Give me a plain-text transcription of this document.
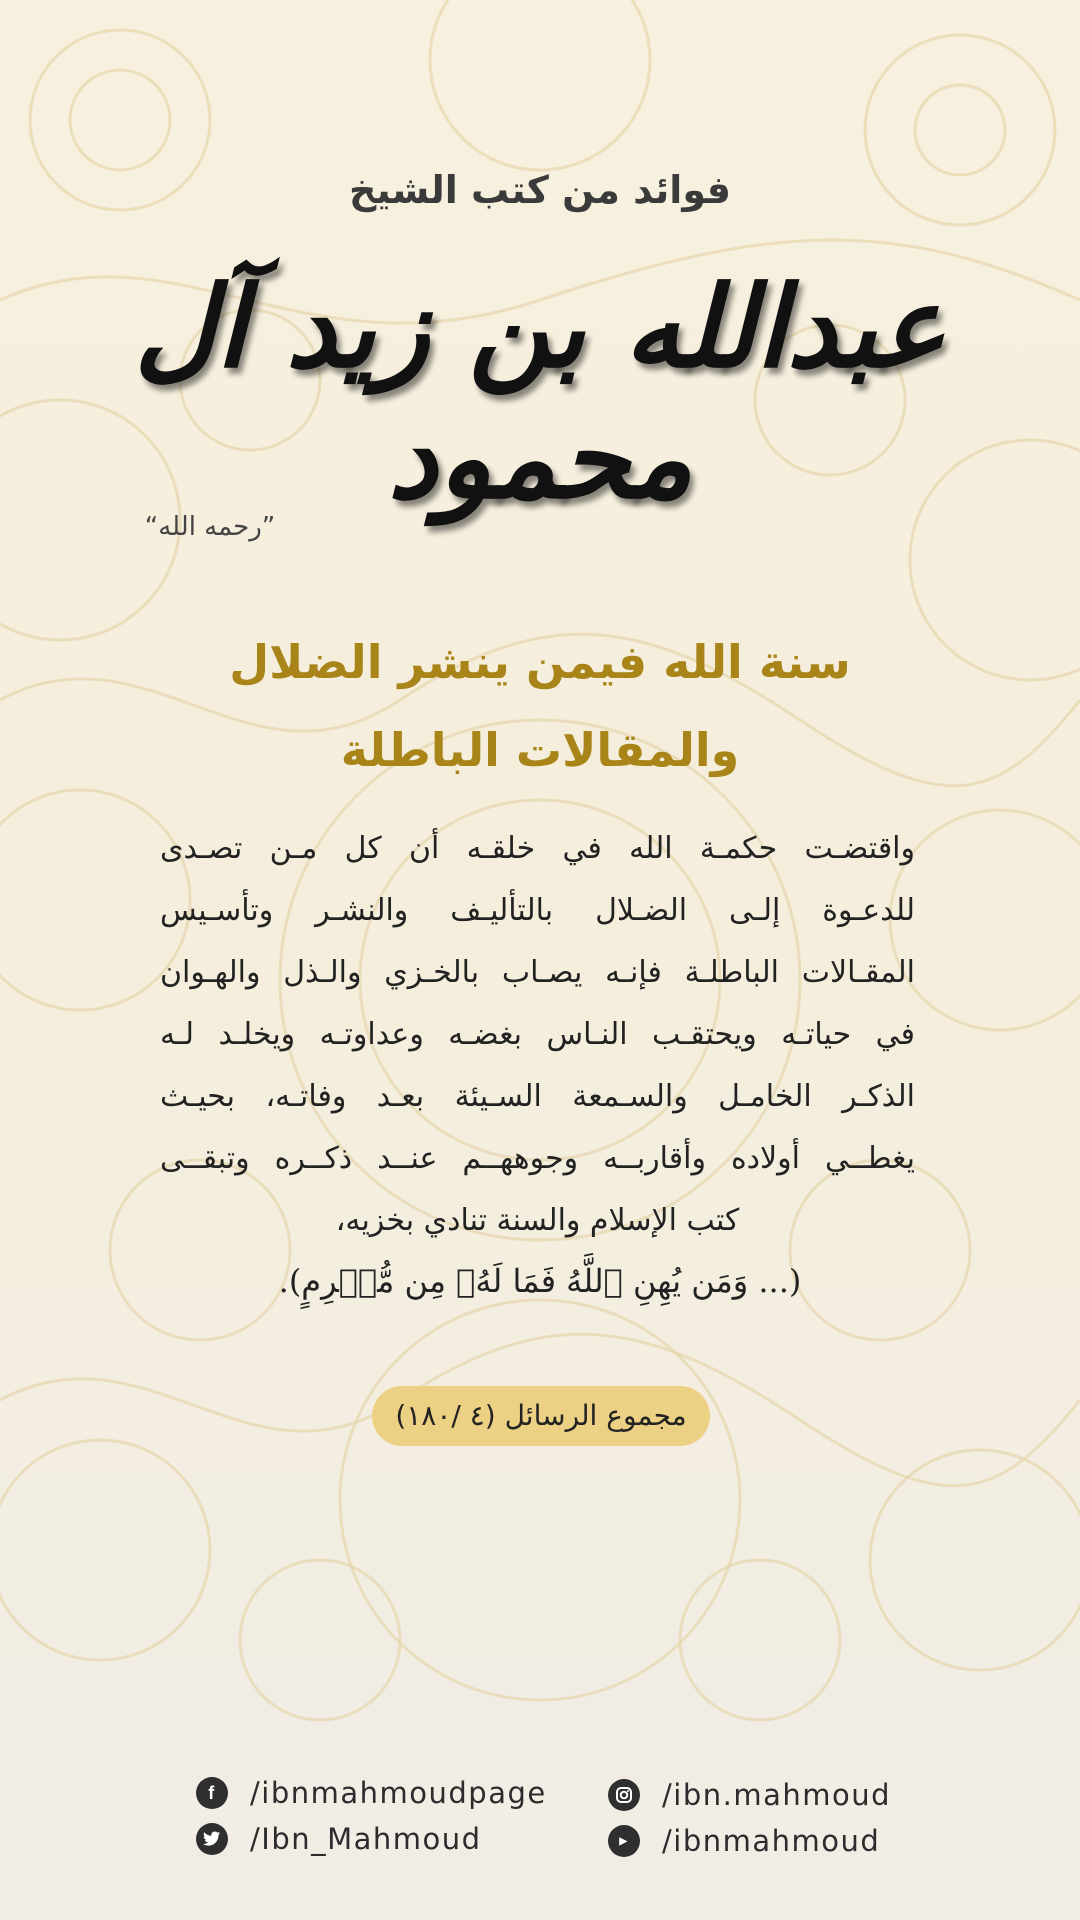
فوائد من كتب الشيخ
عبدالله بن زيد آل محمود
”رحمه الله“
سنة الله فيمن ينشر الضلال
والمقالات الباطلة
واقتضـت حكمـة الله في خلقـه أن كل مـن تصـدى
للدعـوة إلـى الضـلال بالتأليـف والنشـر وتأسـيس
المقـالات الباطلـة فإنـه يصـاب بالخـزي والـذل والهـوان
في حياتـه ويحتقـب النـاس بغضـه وعداوتـه ويخلـد لـه
الذكـر الخامـل والسـمعة السـيئة بعـد وفاتـه، بحيـث
يغطــي أولاده وأقاربــه وجوههــم عنــد ذكــره وتبقــى
كتب الإسلام والسنة تنادي بخزيه،
(... وَمَن يُهِنِ ٱللَّهُ فَمَا لَهُۥ مِن مُّكۡرِمٍ).
مجموع الرسائل (٤ /١٨٠)
f	/ibnmahmoudpage
/Ibn_Mahmoud
/ibn.mahmoud
▶	/ibnmahmoud
